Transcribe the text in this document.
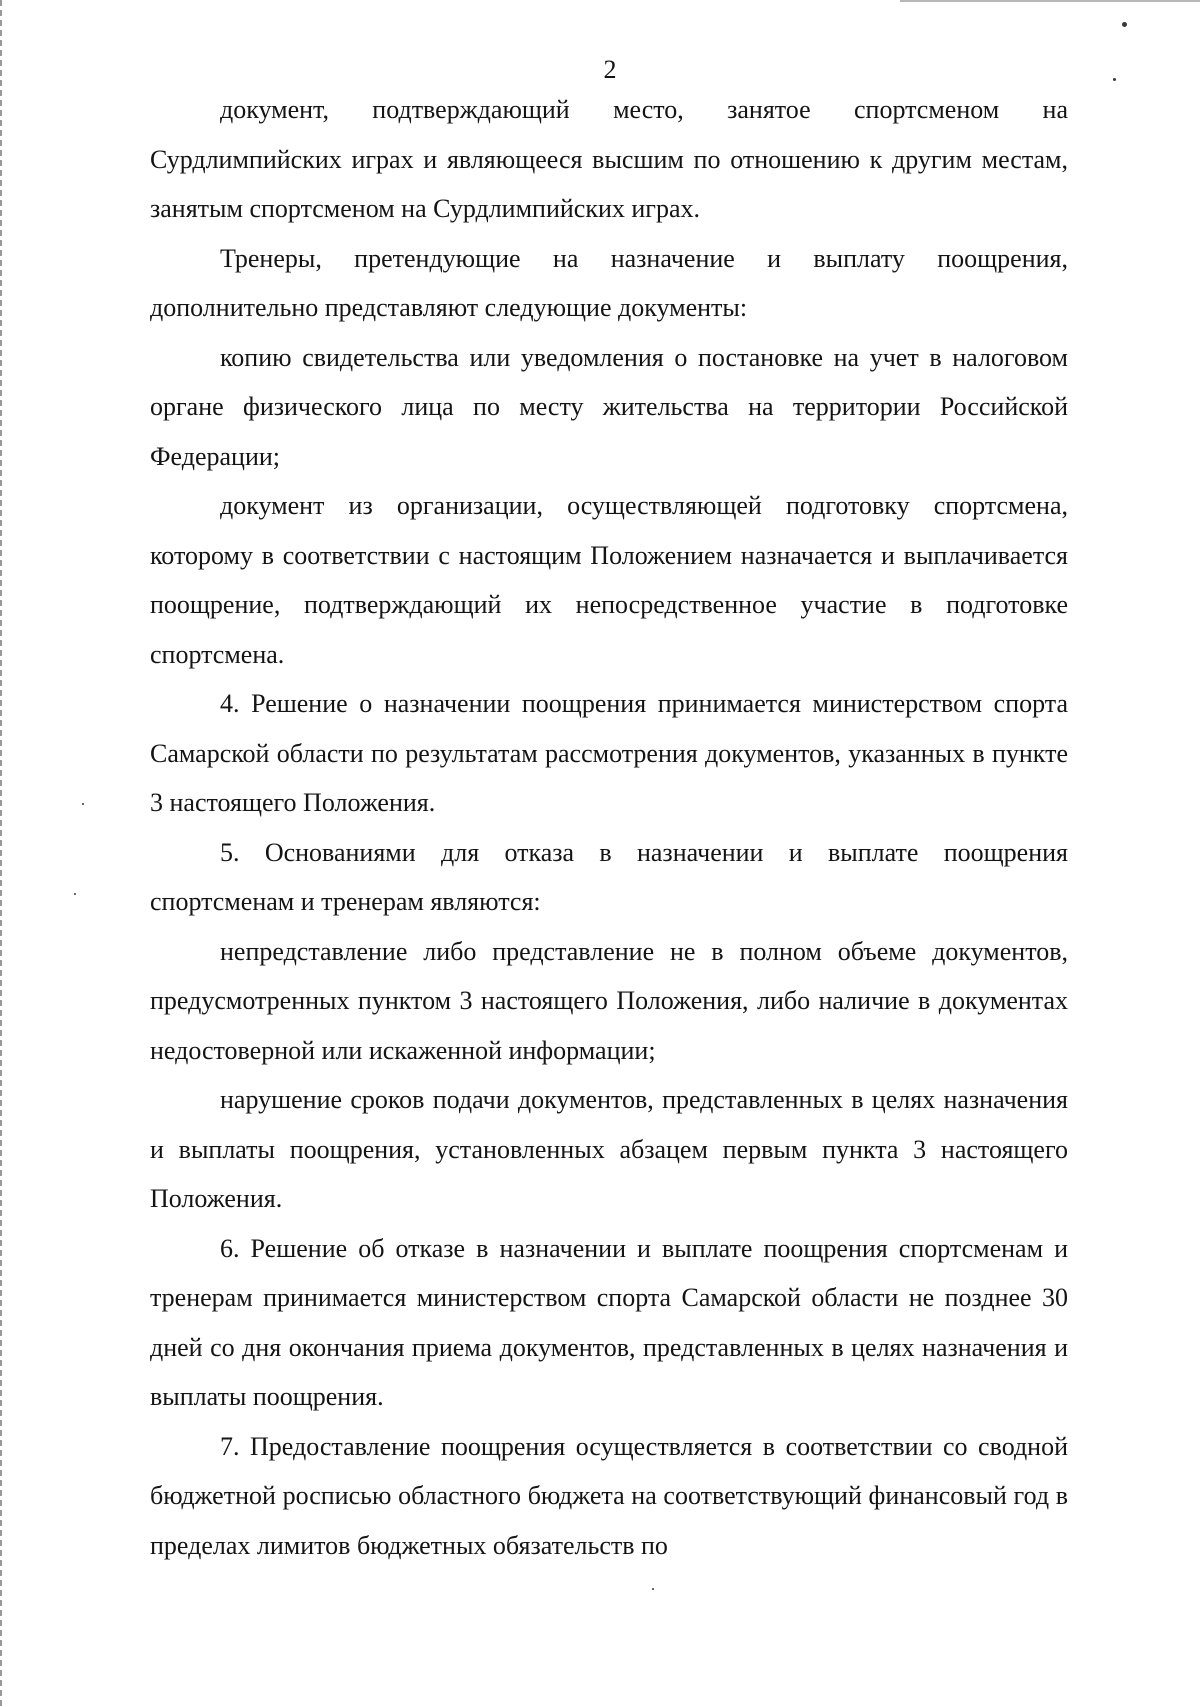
2

документ, подтверждающий место, занятое спортсменом на Сурдлимпийских играх и являющееся высшим по отношению к другим местам, занятым спортсменом на Сурдлимпийских играх.

Тренеры, претендующие на назначение и выплату поощрения, дополнительно представляют следующие документы:

копию свидетельства или уведомления о постановке на учет в налоговом органе физического лица по месту жительства на территории Российской Федерации;

документ из организации, осуществляющей подготовку спортсмена, которому в соответствии с настоящим Положением назначается и выплачивается поощрение, подтверждающий их непосредственное участие в подготовке спортсмена.

4. Решение о назначении поощрения принимается министерством спорта Самарской области по результатам рассмотрения документов, указанных в пункте 3 настоящего Положения.

5. Основаниями для отказа в назначении и выплате поощрения спортсменам и тренерам являются:

непредставление либо представление не в полном объеме документов, предусмотренных пунктом 3 настоящего Положения, либо наличие в документах недостоверной или искаженной информации;

нарушение сроков подачи документов, представленных в целях назначения и выплаты поощрения, установленных абзацем первым пункта 3 настоящего Положения.

6. Решение об отказе в назначении и выплате поощрения спортсменам и тренерам принимается министерством спорта Самарской области не позднее 30 дней со дня окончания приема документов, представленных в целях назначения и выплаты поощрения.

7. Предоставление поощрения осуществляется в соответствии со сводной бюджетной росписью областного бюджета на соответствующий финансовый год в пределах лимитов бюджетных обязательств по
